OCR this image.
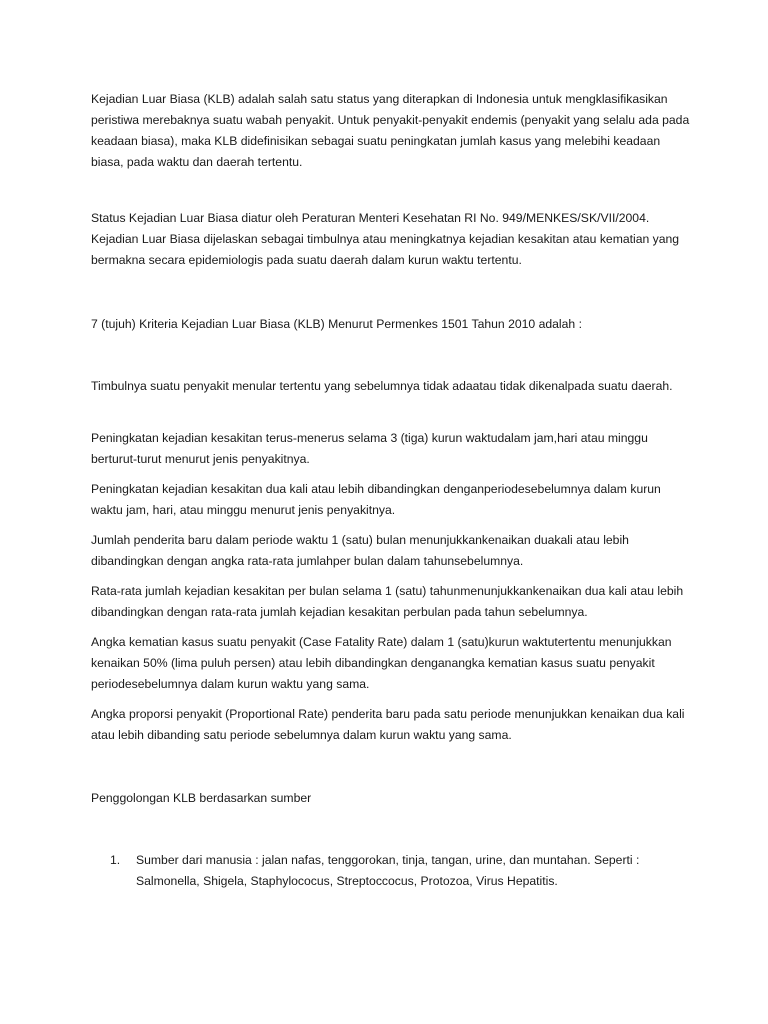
Kejadian Luar Biasa (KLB) adalah salah satu status yang diterapkan di Indonesia untuk mengklasifikasikan peristiwa merebaknya suatu wabah penyakit. Untuk penyakit-penyakit endemis (penyakit yang selalu ada pada keadaan biasa), maka KLB didefinisikan sebagai suatu peningkatan jumlah kasus yang melebihi keadaan biasa, pada waktu dan daerah tertentu.

Status Kejadian Luar Biasa diatur oleh Peraturan Menteri Kesehatan RI No. 949/MENKES/SK/VII/2004. Kejadian Luar Biasa dijelaskan sebagai timbulnya atau meningkatnya kejadian kesakitan atau kematian yang bermakna secara epidemiologis pada suatu daerah dalam kurun waktu tertentu.

7 (tujuh) Kriteria Kejadian Luar Biasa (KLB) Menurut Permenkes 1501 Tahun 2010 adalah :

Timbulnya suatu penyakit menular tertentu yang sebelumnya tidak adaatau tidak dikenalpada suatu daerah.

Peningkatan kejadian kesakitan terus-menerus selama 3 (tiga) kurun waktudalam jam,hari atau minggu berturut-turut menurut jenis penyakitnya.

Peningkatan kejadian kesakitan dua kali atau lebih dibandingkan denganperiodesebelumnya dalam kurun waktu jam, hari, atau minggu menurut jenis penyakitnya.

Jumlah penderita baru dalam periode waktu 1 (satu) bulan menunjukkankenaikan duakali atau lebih dibandingkan dengan angka rata-rata jumlahper bulan dalam tahunsebelumnya.

Rata-rata jumlah kejadian kesakitan per bulan selama 1 (satu) tahunmenunjukkankenaikan dua kali atau lebih dibandingkan dengan rata-rata jumlah kejadian kesakitan perbulan pada tahun sebelumnya.

Angka kematian kasus suatu penyakit (Case Fatality Rate) dalam 1 (satu)kurun waktutertentu menunjukkan kenaikan 50% (lima puluh persen) atau lebih dibandingkan denganangka kematian kasus suatu penyakit periodesebelumnya dalam kurun waktu yang sama.

Angka proporsi penyakit (Proportional Rate) penderita baru pada satu periode menunjukkan kenaikan dua kali atau lebih dibanding satu periode sebelumnya dalam kurun waktu yang sama.

Penggolongan KLB berdasarkan sumber

1.	Sumber dari manusia : jalan nafas, tenggorokan, tinja, tangan, urine, dan muntahan. Seperti : Salmonella, Shigela, Staphylococus, Streptoccocus, Protozoa, Virus Hepatitis.
